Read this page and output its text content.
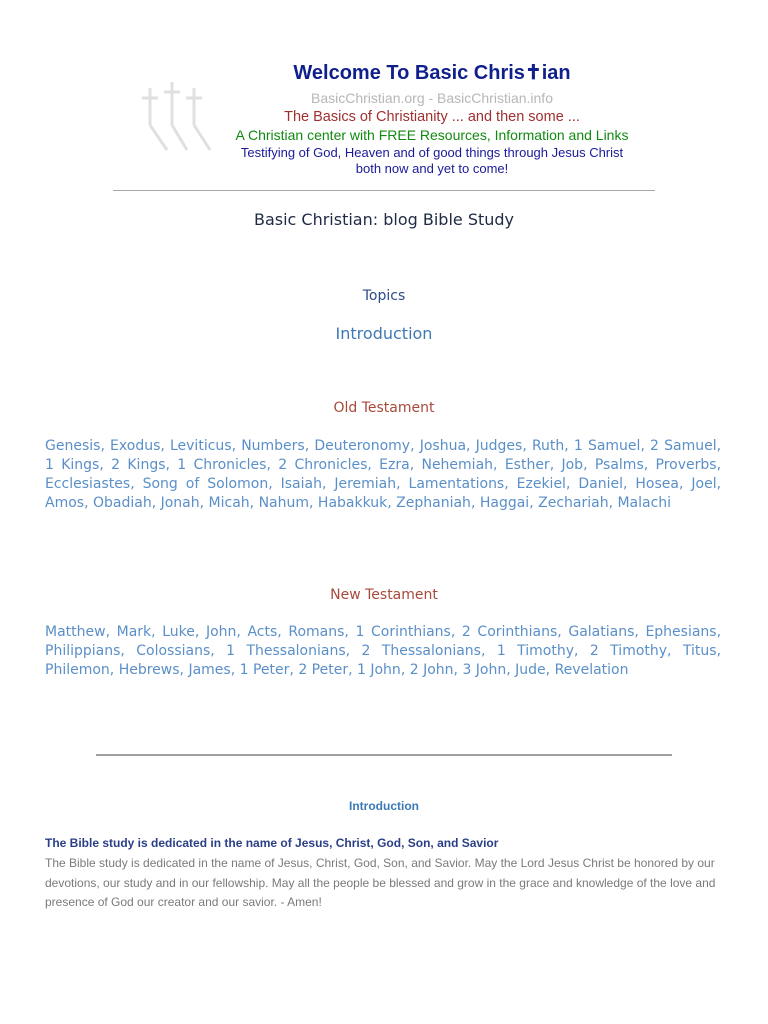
Welcome To Basic Chris✝ian
BasicChristian.org - BasicChristian.info
The Basics of Christianity ... and then some ...
A Christian center with FREE Resources, Information and Links
Testifying of God, Heaven and of good things through Jesus Christ
both now and yet to come!
Basic Christian: blog Bible Study
Topics
Introduction
Old Testament
Genesis, Exodus, Leviticus, Numbers, Deuteronomy, Joshua, Judges, Ruth, 1 Samuel, 2 Samuel, 1 Kings, 2 Kings, 1 Chronicles, 2 Chronicles, Ezra, Nehemiah, Esther, Job, Psalms, Proverbs, Ecclesiastes, Song of Solomon, Isaiah, Jeremiah, Lamentations, Ezekiel, Daniel, Hosea, Joel, Amos, Obadiah, Jonah, Micah, Nahum, Habakkuk, Zephaniah, Haggai, Zechariah, Malachi
New Testament
Matthew, Mark, Luke, John, Acts, Romans, 1 Corinthians, 2 Corinthians, Galatians, Ephesians, Philippians, Colossians, 1 Thessalonians, 2 Thessalonians, 1 Timothy, 2 Timothy, Titus, Philemon, Hebrews, James, 1 Peter, 2 Peter, 1 John, 2 John, 3 John, Jude, Revelation
Introduction
The Bible study is dedicated in the name of Jesus, Christ, God, Son, and Savior
The Bible study is dedicated in the name of Jesus, Christ, God, Son, and Savior. May the Lord Jesus Christ be honored by our devotions, our study and in our fellowship. May all the people be blessed and grow in the grace and knowledge of the love and presence of God our creator and our savior. - Amen!
